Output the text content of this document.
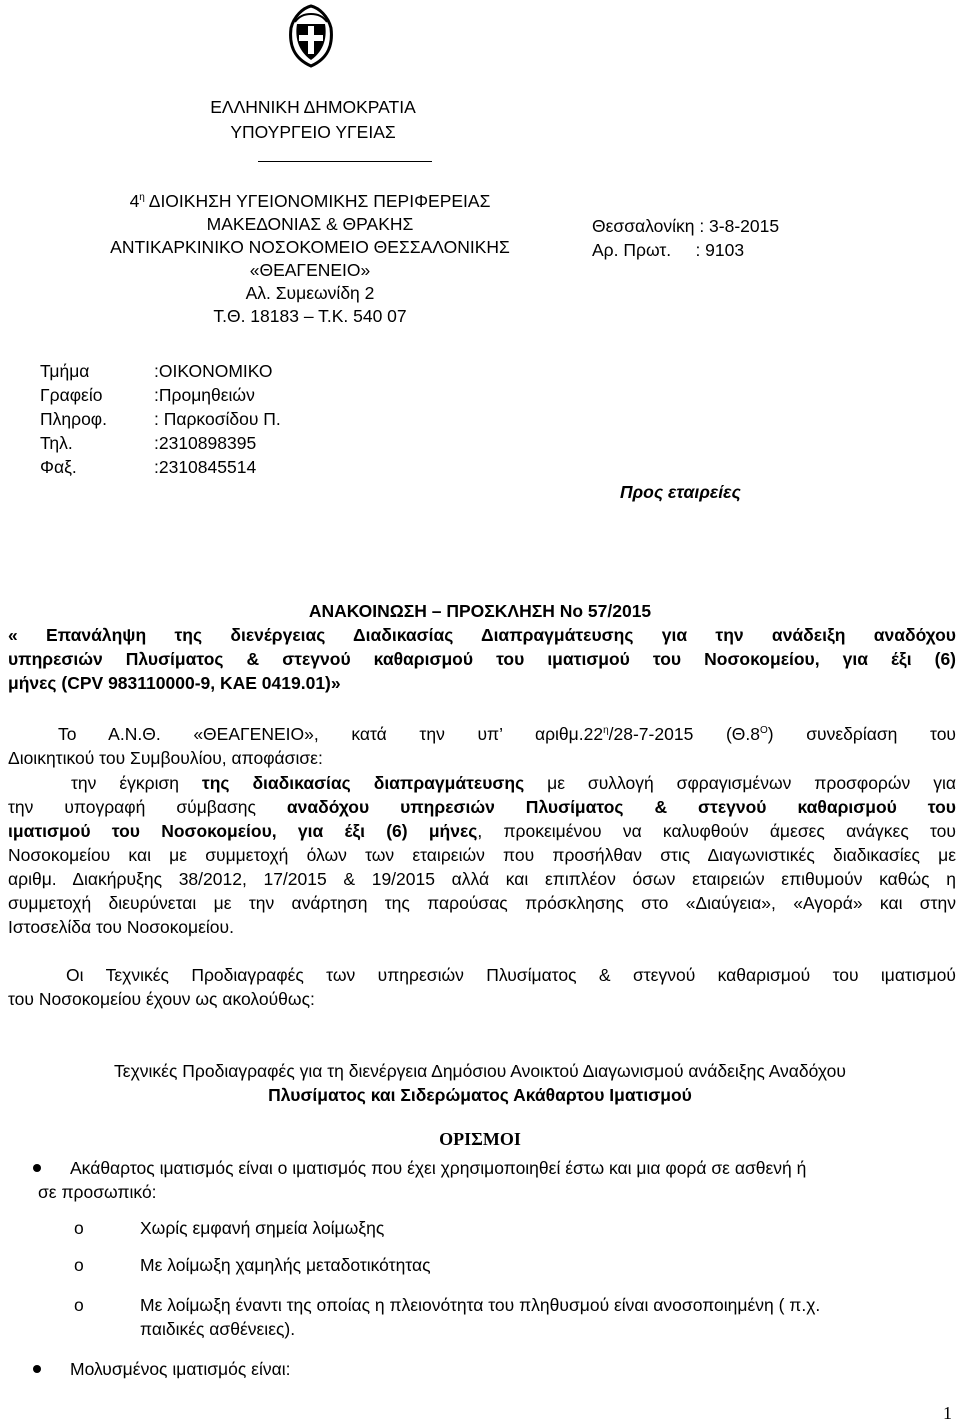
ΕΛΛΗΝΙΚΗ ΔΗΜΟΚΡΑΤΙΑ
ΥΠΟΥΡΓΕΙΟ ΥΓΕΙΑΣ
$4^\eta$ ΔΙΟΙΚΗΣΗ ΥΓΕΙΟΝΟΜΙΚΗΣ ΠΕΡΙΦΕΡΕΙΑΣ
ΜΑΚΕΔΟΝΙΑΣ & ΘΡΑΚΗΣ
ΑΝΤΙΚΑΡΚΙΝΙΚΟ ΝΟΣΟΚΟΜΕΙΟ ΘΕΣΣΑΛΟΝΙΚΗΣ
«ΘΕΑΓΕΝΕΙΟ»
Αλ. Συμεωνίδη 2
Τ.Θ. 18183 – Τ.Κ. 540 07
Θεσσαλονίκη : 3-8-2015
Αρ. Πρωτ.     : 9103
Τμήμα	:ΟΙΚΟΝΟΜΙΚΟ
Γραφείο	:Προμηθειών
Πληροφ.	: Παρκοσίδου Π.
Τηλ.	:2310898395
Φαξ.	:2310845514
Προς εταιρείες
ΑΝΑΚΟΙΝΩΣΗ – ΠΡΟΣΚΛΗΣΗ Νο 57/2015
« Επανάληψη της διενέργειας Διαδικασίας Διαπραγμάτευσης για την ανάδειξη αναδόχου
υπηρεσιών Πλυσίματος & στεγνού καθαρισμού του ιματισμού του Νοσοκομείου, για έξι (6)
μήνες (CPV 983110000-9, ΚΑΕ 0419.01)»
Το Α.Ν.Θ. «ΘΕΑΓΕΝΕΙΟ», κατά την υπ’ $\alpha\rho\iota\theta\mu.22^\eta/28-7-2015$ $(\Theta.8^O)$ συνεδρίαση του
Διοικητικού του Συμβουλίου, αποφάσισε:
την έγκριση της διαδικασίας διαπραγμάτευσης με συλλογή σφραγισμένων προσφορών για
την υπογραφή σύμβασης αναδόχου υπηρεσιών Πλυσίματος & στεγνού καθαρισμού του
ιματισμού του Νοσοκομείου, για έξι (6) μήνες, προκειμένου να καλυφθούν άμεσες ανάγκες του
Νοσοκομείου και με συμμετοχή όλων των εταιρειών που προσήλθαν στις Διαγωνιστικές διαδικασίες με
αριθμ. Διακήρυξης 38/2012, 17/2015 & 19/2015 αλλά και επιπλέον όσων εταιρειών επιθυμούν καθώς η
συμμετοχή διευρύνεται με την ανάρτηση της παρούσας πρόσκλησης στο «Διαύγεια», «Αγορά» και στην
Ιστοσελίδα του Νοσοκομείου.
Οι Τεχνικές Προδιαγραφές των υπηρεσιών Πλυσίματος & στεγνού καθαρισμού του ιματισμού
του Νοσοκομείου έχουν ως ακολούθως:
Τεχνικές Προδιαγραφές για τη διενέργεια Δημόσιου Ανοικτού Διαγωνισμού ανάδειξης Αναδόχου
Πλυσίματος και Σιδερώματος Ακάθαρτου Ιματισμού
ΟΡΙΣΜΟΙ
Ακάθαρτος ιματισμός είναι ο ιματισμός που έχει χρησιμοποιηθεί έστω και μια φορά σε ασθενή ή
σε προσωπικό:
o	Χωρίς εμφανή σημεία λοίμωξης
o	Με λοίμωξη χαμηλής μεταδοτικότητας
o	Με λοίμωξη έναντι της οποίας η πλειονότητα του πληθυσμού είναι ανοσοποιημένη ( π.χ.
παιδικές ασθένειες).
Μολυσμένος ιματισμός είναι:
1
